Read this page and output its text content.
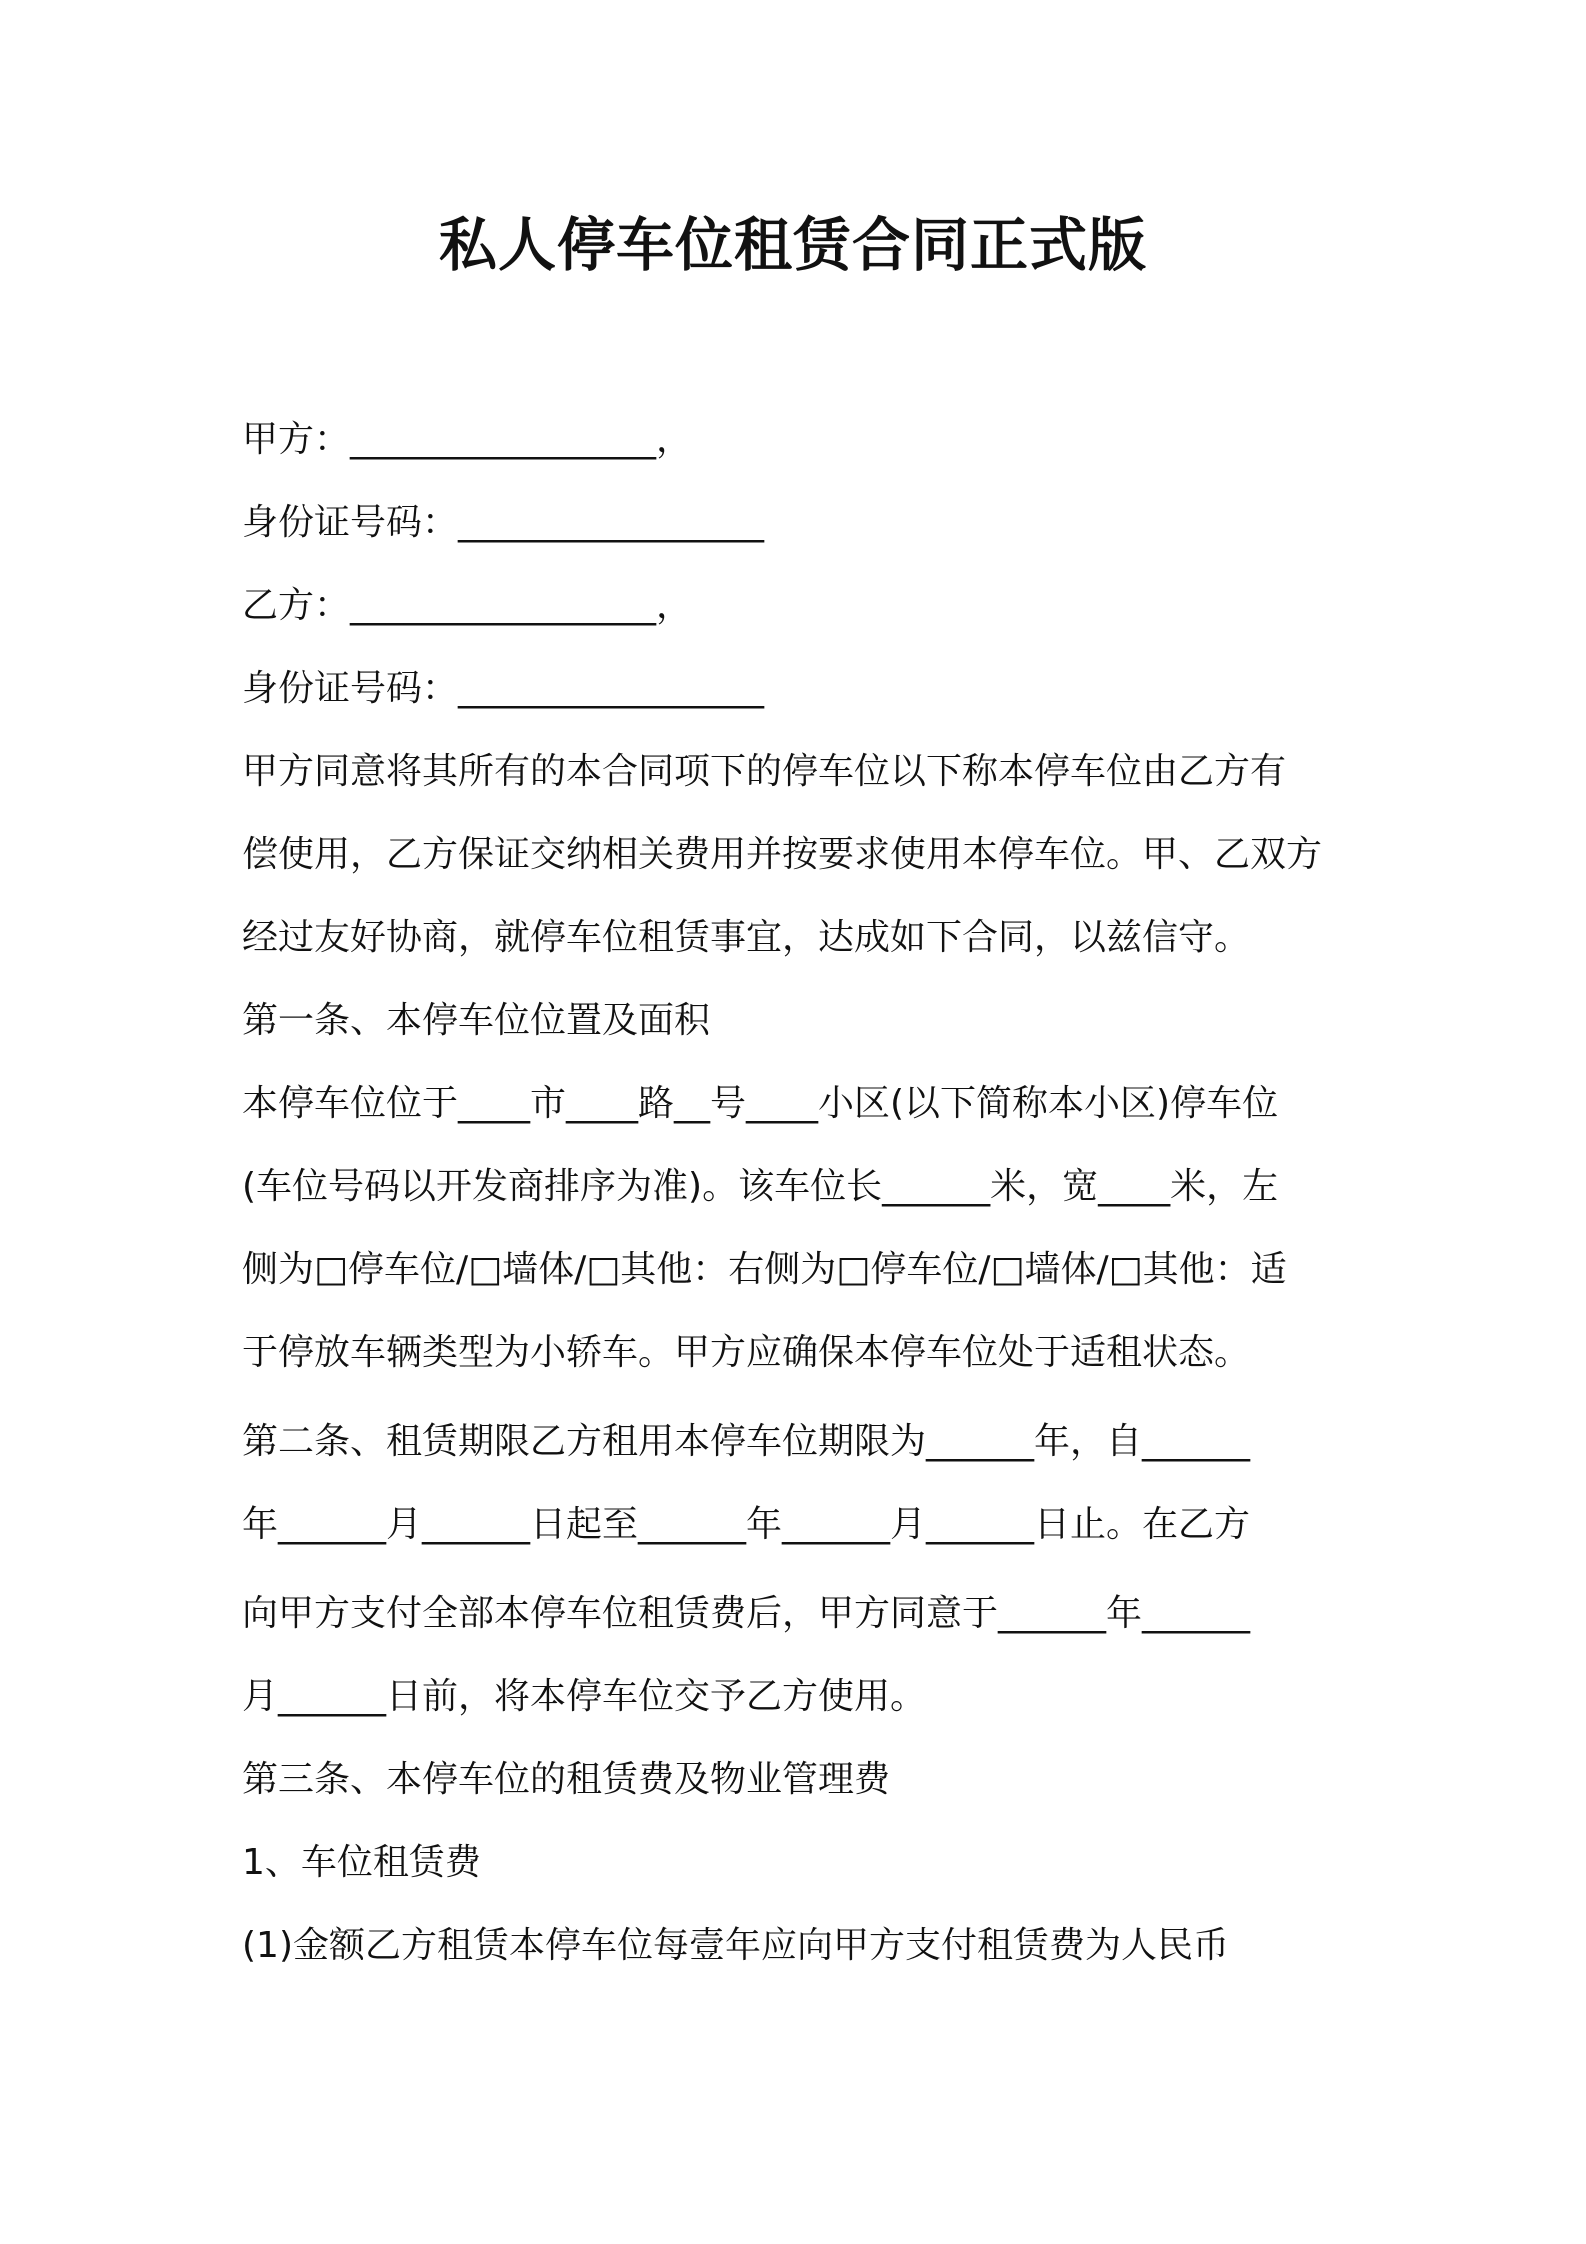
私人停车位租赁合同正式版
甲方：_________________，
身份证号码：_________________
乙方：_________________，
身份证号码：_________________
甲方同意将其所有的本合同项下的停车位以下称本停车位由乙方有
偿使用，乙方保证交纳相关费用并按要求使用本停车位。甲、乙双方
经过友好协商，就停车位租赁事宜，达成如下合同，以兹信守。
第一条、本停车位位置及面积
本停车位位于____市____路__号____小区(以下简称本小区)停车位
(车位号码以开发商排序为准)。该车位长______米，宽____米，左
侧为□停车位/□墙体/□其他：右侧为□停车位/□墙体/□其他：适
于停放车辆类型为小轿车。甲方应确保本停车位处于适租状态。
第二条、租赁期限乙方租用本停车位期限为______年，自______
年______月______日起至______年______月______日止。在乙方
向甲方支付全部本停车位租赁费后，甲方同意于______年______
月______日前，将本停车位交予乙方使用。
第三条、本停车位的租赁费及物业管理费
1、车位租赁费
(1)金额乙方租赁本停车位每壹年应向甲方支付租赁费为人民币
